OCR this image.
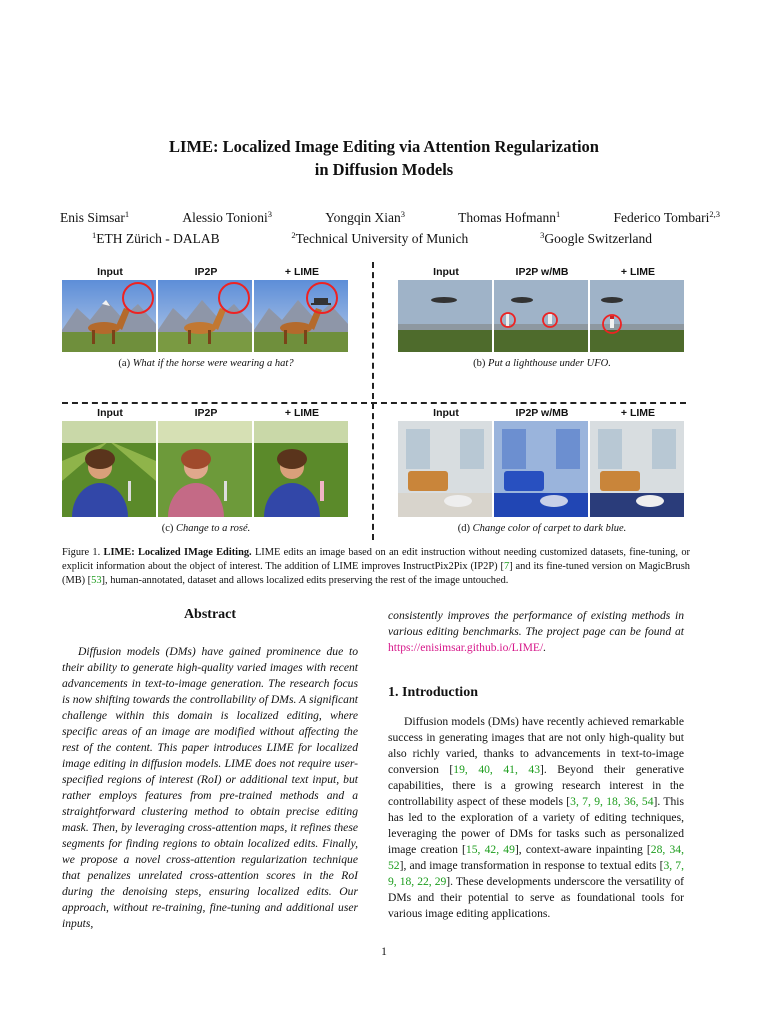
LIME: Localized Image Editing via Attention Regularization
in Diffusion Models
Enis Simsar$^1$	Alessio Tonioni$^3$	Yongqin Xian$^3$	Thomas Hofmann$^1$	Federico Tombari$^{2,3}$
$^1$ETH Zürich - DALAB	$^2$Technical University of Munich	$^3$Google Switzerland
Input	IP2P	+ LIME
(a) What if the horse were wearing a hat?
Input	IP2P w/MB	+ LIME
(b) Put a lighthouse under UFO.
Input	IP2P	+ LIME
(c) Change to a rosé.
Input	IP2P w/MB	+ LIME
(d) Change color of carpet to dark blue.
Figure 1. LIME: Localized IMage Editing. LIME edits an image based on an edit instruction without needing customized datasets, fine-tuning, or explicit information about the object of interest. The addition of LIME improves InstructPix2Pix (IP2P) [7] and its fine-tuned version on MagicBrush (MB) [53], human-annotated, dataset and allows localized edits preserving the rest of the image untouched.
Abstract
Diffusion models (DMs) have gained prominence due to their ability to generate high-quality varied images with recent advancements in text-to-image generation. The research focus is now shifting towards the controllability of DMs. A significant challenge within this domain is localized editing, where specific areas of an image are modified without affecting the rest of the content. This paper introduces LIME for localized image editing in diffusion models. LIME does not require user-specified regions of interest (RoI) or additional text input, but rather employs features from pre-trained methods and a straightforward clustering method to obtain precise editing mask. Then, by leveraging cross-attention maps, it refines these segments for finding regions to obtain localized edits. Finally, we propose a novel cross-attention regularization technique that penalizes unrelated cross-attention scores in the RoI during the denoising steps, ensuring localized edits. Our approach, without re-training, fine-tuning and additional user inputs,
consistently improves the performance of existing methods in various editing benchmarks. The project page can be found at https://enisimsar.github.io/LIME/.
1. Introduction
Diffusion models (DMs) have recently achieved remarkable success in generating images that are not only high-quality but also richly varied, thanks to advancements in text-to-image conversion [19, 40, 41, 43]. Beyond their generative capabilities, there is a growing research interest in the controllability aspect of these models [3, 7, 9, 18, 36, 54]. This has led to the exploration of a variety of editing techniques, leveraging the power of DMs for tasks such as personalized image creation [15, 42, 49], context-aware inpainting [28, 34, 52], and image transformation in response to textual edits [3, 7, 9, 18, 22, 29]. These developments underscore the versatility of DMs and their potential to serve as foundational tools for various image editing applications.
1
